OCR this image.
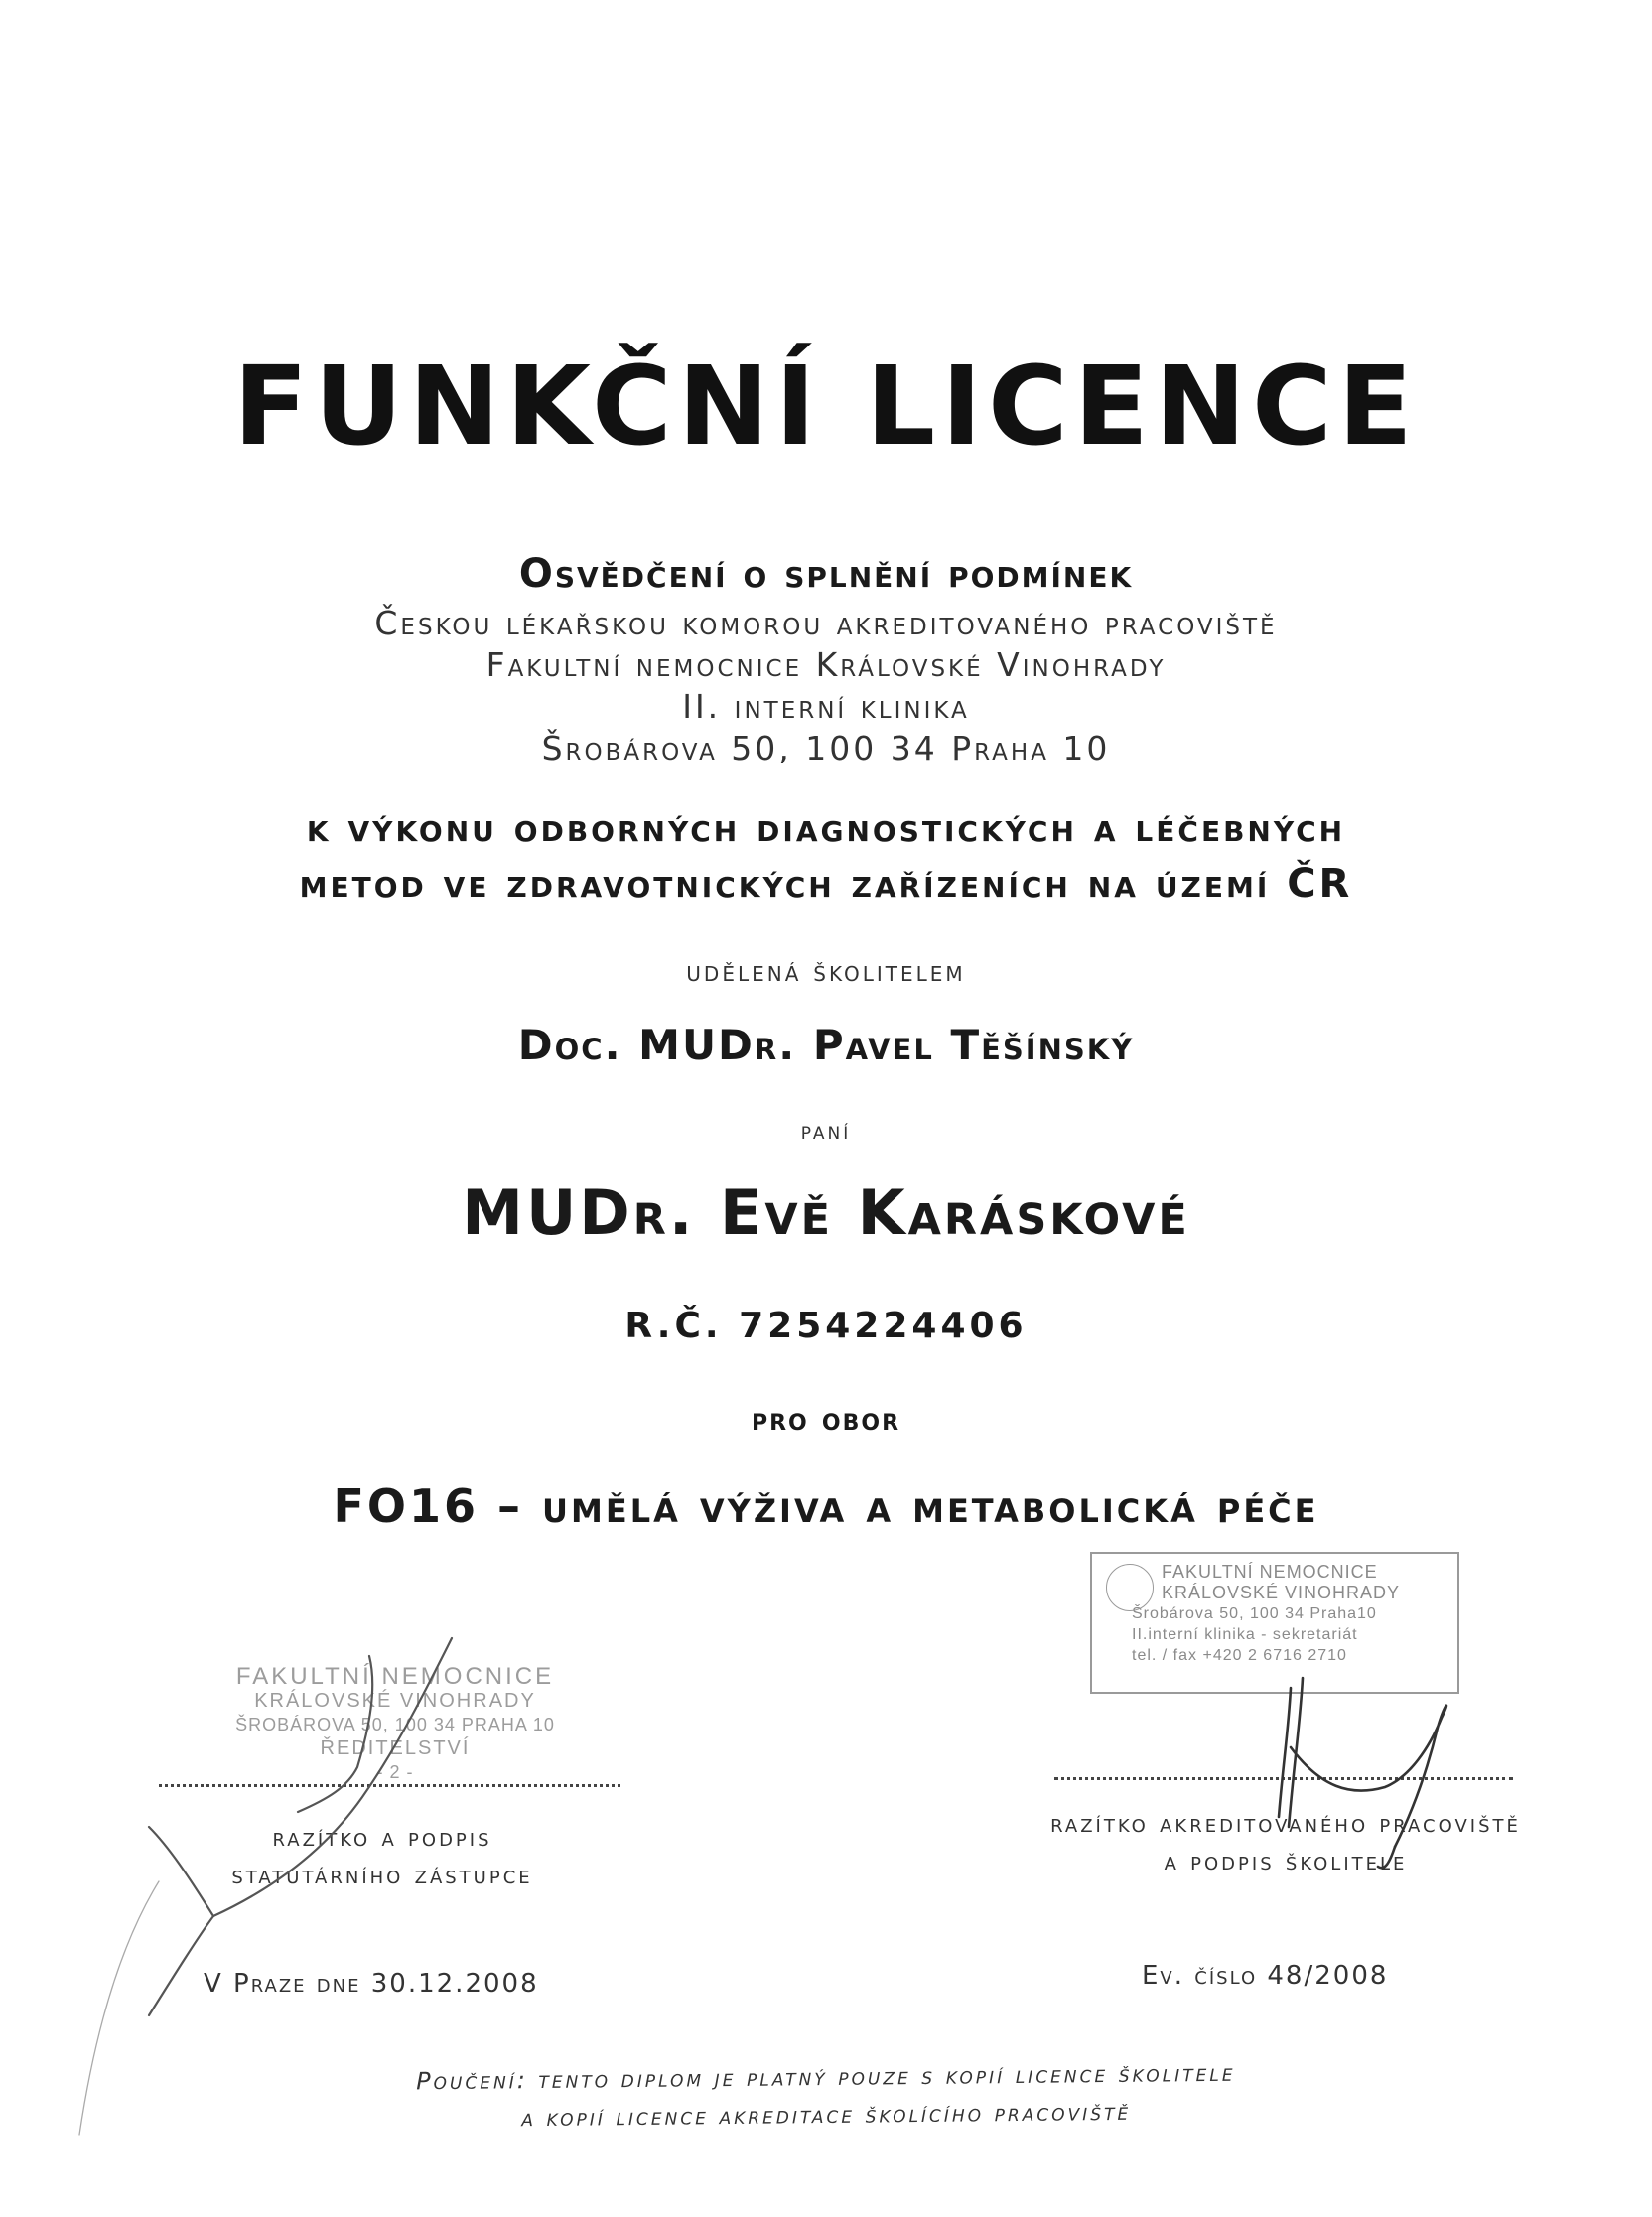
FUNKČNÍ LICENCE
Osvědčení o splnění podmínek
Českou lékařskou komorou akreditovaného pracoviště
Fakultní nemocnice Královské Vinohrady
II. interní klinika
Šrobárova 50, 100 34 Praha 10
k výkonu odborných diagnostických a léčebných
metod ve zdravotnických zařízeních na území ČR
udělená školitelem
Doc. MUDr. Pavel Těšínský
paní
MUDr. Evě Karáskové
R.Č. 7254224406
pro obor
FO16 – umělá výživa a metabolická péče
FAKULTNÍ NEMOCNICE
KRÁLOVSKÉ VINOHRADY
Šrobárova 50, 100 34 Praha10
II.interní klinika - sekretariát
tel. / fax +420 2 6716 2710
FAKULTNÍ NEMOCNICE
KRÁLOVSKÉ VINOHRADY
ŠROBÁROVA 50, 100 34 PRAHA 10
ŘEDITELSTVÍ
- 2 -
razítko a podpis
statutárního zástupce
razítko akreditovaného pracoviště
a podpis školitele
V Praze dne 30.12.2008	Ev. číslo 48/2008
Poučení: tento diplom je platný pouze s kopií licence školitele
a kopií licence akreditace školícího pracoviště
